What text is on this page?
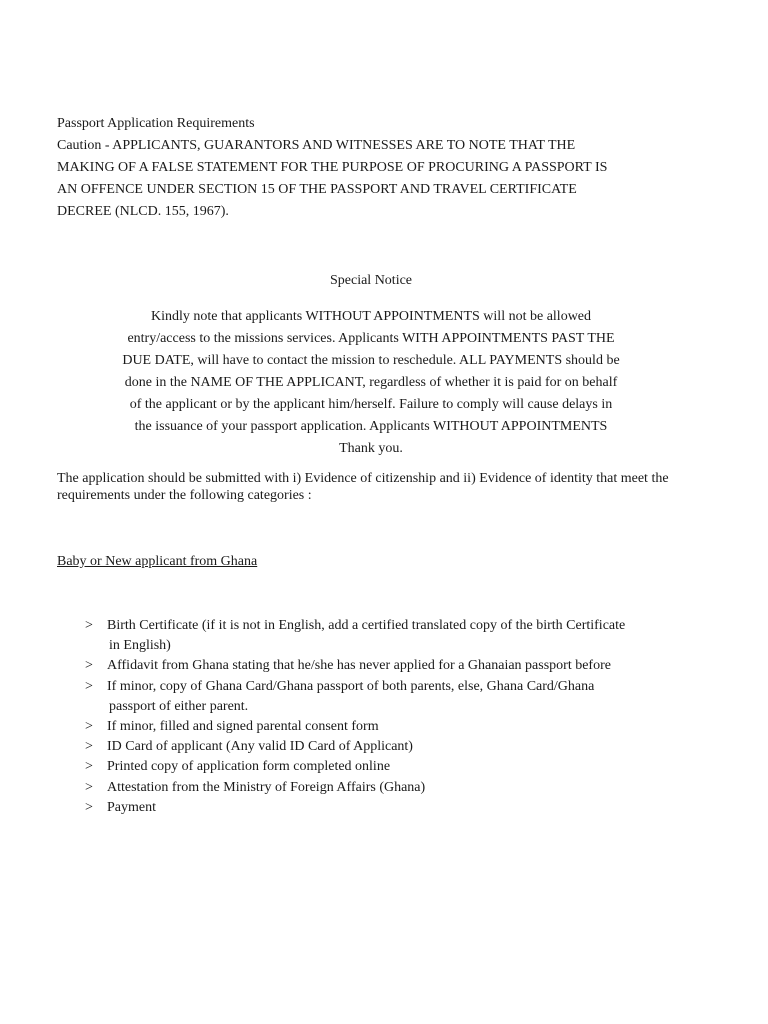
Passport Application Requirements

Caution - APPLICANTS, GUARANTORS AND WITNESSES ARE TO NOTE THAT THE
MAKING OF A FALSE STATEMENT FOR THE PURPOSE OF PROCURING A PASSPORT IS
AN OFFENCE UNDER SECTION 15 OF THE PASSPORT AND TRAVEL CERTIFICATE
DECREE (NLCD. 155, 1967).

Special Notice

Kindly note that applicants WITHOUT APPOINTMENTS will not be allowed
entry/access to the missions services. Applicants WITH APPOINTMENTS PAST THE
DUE DATE, will have to contact the mission to reschedule. ALL PAYMENTS should be
done in the NAME OF THE APPLICANT, regardless of whether it is paid for on behalf
of the applicant or by the applicant him/herself. Failure to comply will cause delays in
the issuance of your passport application. Applicants WITHOUT APPOINTMENTS
Thank you.

The application should be submitted with i) Evidence of citizenship and ii) Evidence of identity that meet the requirements under the following categories :

Baby or New applicant from Ghana

>	Birth Certificate (if it is not in English, add a certified translated copy of the birth Certificate
in English)
>	Affidavit from Ghana stating that he/she has never applied for a Ghanaian passport before
>	If minor, copy of Ghana Card/Ghana passport of both parents, else, Ghana Card/Ghana
passport of either parent.
>	If minor, filled and signed parental consent form
>	ID Card of applicant (Any valid ID Card of Applicant)
>	Printed copy of application form completed online
>	Attestation from the Ministry of Foreign Affairs (Ghana)
>	Payment
